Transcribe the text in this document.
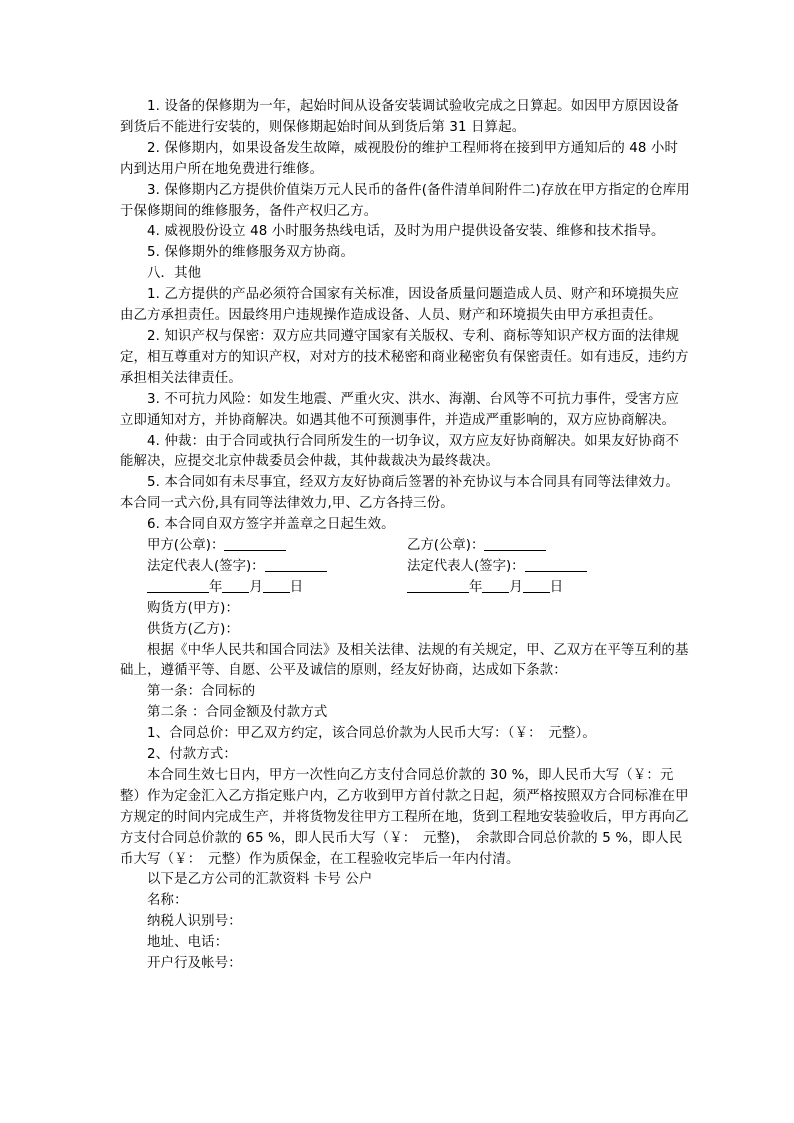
1. 设备的保修期为一年，起始时间从设备安装调试验收完成之日算起。如因甲方原因设备到货后不能进行安装的，则保修期起始时间从到货后第 31 日算起。

2. 保修期内，如果设备发生故障，威视股份的维护工程师将在接到甲方通知后的 48 小时内到达用户所在地免费进行维修。

3. 保修期内乙方提供价值柒万元人民币的备件(备件清单间附件二)存放在甲方指定的仓库用于保修期间的维修服务，备件产权归乙方。

4. 威视股份设立 48 小时服务热线电话，及时为用户提供设备安装、维修和技术指导。

5. 保修期外的维修服务双方协商。

八．其他

1. 乙方提供的产品必须符合国家有关标准，因设备质量问题造成人员、财产和环境损失应由乙方承担责任。因最终用户违规操作造成设备、人员、财产和环境损失由甲方承担责任。

2. 知识产权与保密：双方应共同遵守国家有关版权、专利、商标等知识产权方面的法律规定，相互尊重对方的知识产权，对对方的技术秘密和商业秘密负有保密责任。如有违反，违约方承担相关法律责任。

3. 不可抗力风险：如发生地震、严重火灾、洪水、海潮、台风等不可抗力事件，受害方应立即通知对方，并协商解决。如遇其他不可预测事件，并造成严重影响的，双方应协商解决。

4. 仲裁：由于合同或执行合同所发生的一切争议，双方应友好协商解决。如果友好协商不能解决，应提交北京仲裁委员会仲裁，其仲裁裁决为最终裁决。

5. 本合同如有未尽事宜，经双方友好协商后签署的补充协议与本合同具有同等法律效力。本合同一式六份,具有同等法律效力,甲、乙方各持三份。

6. 本合同自双方签字并盖章之日起生效。

甲方(公章)：	乙方(公章)：
法定代表人(签字)：	法定代表人(签字)：
年 月 日	年 月 日

购货方(甲方)：

供货方(乙方)：

根据《中华人民共和国合同法》及相关法律、法规的有关规定，甲、乙双方在平等互利的基础上，遵循平等、自愿、公平及诚信的原则，经友好协商，达成如下条款：

第一条：合同标的

第二条 ：合同金额及付款方式

1、合同总价：甲乙双方约定，该合同总价款为人民币大写：（￥：　元整）。

2、付款方式：

本合同生效七日内，甲方一次性向乙方支付合同总价款的 30 %，即人民币大写（￥：元整）作为定金汇入乙方指定账户内，乙方收到甲方首付款之日起，须严格按照双方合同标准在甲方规定的时间内完成生产，并将货物发往甲方工程所在地，货到工程地安装验收后，甲方再向乙方支付合同总价款的 65 %，即人民币大写（￥：　元整)，　余款即合同总价款的 5 %，即人民币大写（￥：　元整）作为质保金，在工程验收完毕后一年内付清。

以下是乙方公司的汇款资料 卡号 公户

名称：

纳税人识别号：

地址、电话：

开户行及帐号：
